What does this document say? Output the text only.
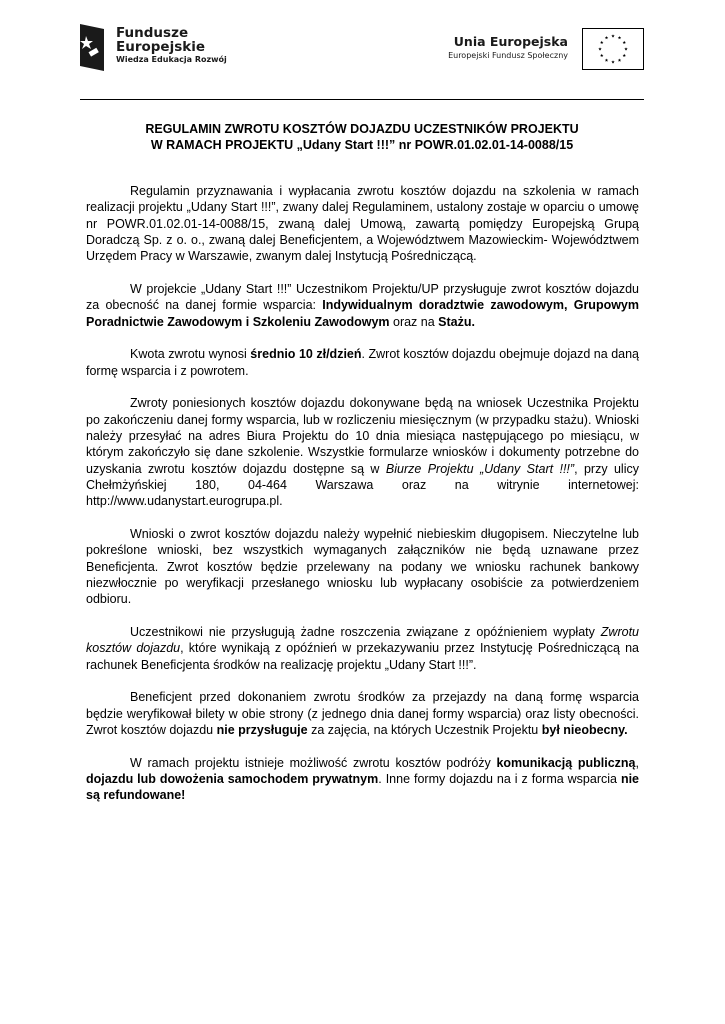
Fundusze
Europejskie
Wiedza Edukacja Rozwój
Unia Europejska
Europejski Fundusz Społeczny
REGULAMIN ZWROTU KOSZTÓW DOJAZDU UCZESTNIKÓW PROJEKTU
W RAMACH PROJEKTU „Udany Start !!!” nr POWR.01.02.01-14-0088/15

Regulamin przyznawania i wypłacania zwrotu kosztów dojazdu na szkolenia w ramach realizacji projektu „Udany Start !!!”, zwany dalej Regulaminem, ustalony zostaje w oparciu o umowę nr POWR.01.02.01-14-0088/15, zwaną dalej Umową, zawartą pomiędzy Europejską Grupą Doradczą Sp. z o. o., zwaną dalej Beneficjentem, a Województwem Mazowieckim- Województwem Urzędem Pracy w Warszawie, zwanym dalej Instytucją Pośredniczącą.

W projekcie „Udany Start !!!” Uczestnikom Projektu/UP przysługuje zwrot kosztów dojazdu za obecność na danej formie wsparcia: Indywidualnym doradztwie zawodowym, Grupowym Poradnictwie Zawodowym i Szkoleniu Zawodowym oraz na Stażu.

Kwota zwrotu wynosi średnio 10 zł/dzień. Zwrot kosztów dojazdu obejmuje dojazd na daną formę wsparcia i z powrotem.

Zwroty poniesionych kosztów dojazdu dokonywane będą na wniosek Uczestnika Projektu po zakończeniu danej formy wsparcia, lub w rozliczeniu miesięcznym (w przypadku stażu). Wnioski należy przesyłać na adres Biura Projektu do 10 dnia miesiąca następującego po miesiącu, w którym zakończyło się dane szkolenie. Wszystkie formularze wniosków i dokumenty potrzebne do uzyskania zwrotu kosztów dojazdu dostępne są w Biurze Projektu „Udany Start !!!”, przy ulicy Chełmżyńskiej 180, 04-464 Warszawa oraz na witrynie internetowej: http://www.udanystart.eurogrupa.pl.

Wnioski o zwrot kosztów dojazdu należy wypełnić niebieskim długopisem. Nieczytelne lub pokreślone wnioski, bez wszystkich wymaganych załączników nie będą uznawane przez Beneficjenta. Zwrot kosztów będzie przelewany na podany we wniosku rachunek bankowy niezwłocznie po weryfikacji przesłanego wniosku lub wypłacany osobiście za potwierdzeniem odbioru.

Uczestnikowi nie przysługują żadne roszczenia związane z opóźnieniem wypłaty Zwrotu kosztów dojazdu, które wynikają z opóźnień w przekazywaniu przez Instytucję Pośredniczącą na rachunek Beneficjenta środków na realizację projektu „Udany Start !!!”.

Beneficjent przed dokonaniem zwrotu środków za przejazdy na daną formę wsparcia będzie weryfikował bilety w obie strony (z jednego dnia danej formy wsparcia) oraz listy obecności. Zwrot kosztów dojazdu nie przysługuje za zajęcia, na których Uczestnik Projektu był nieobecny.

W ramach projektu istnieje możliwość zwrotu kosztów podróży komunikacją publiczną, dojazdu lub dowożenia samochodem prywatnym. Inne formy dojazdu na i z forma wsparcia nie są refundowane!
